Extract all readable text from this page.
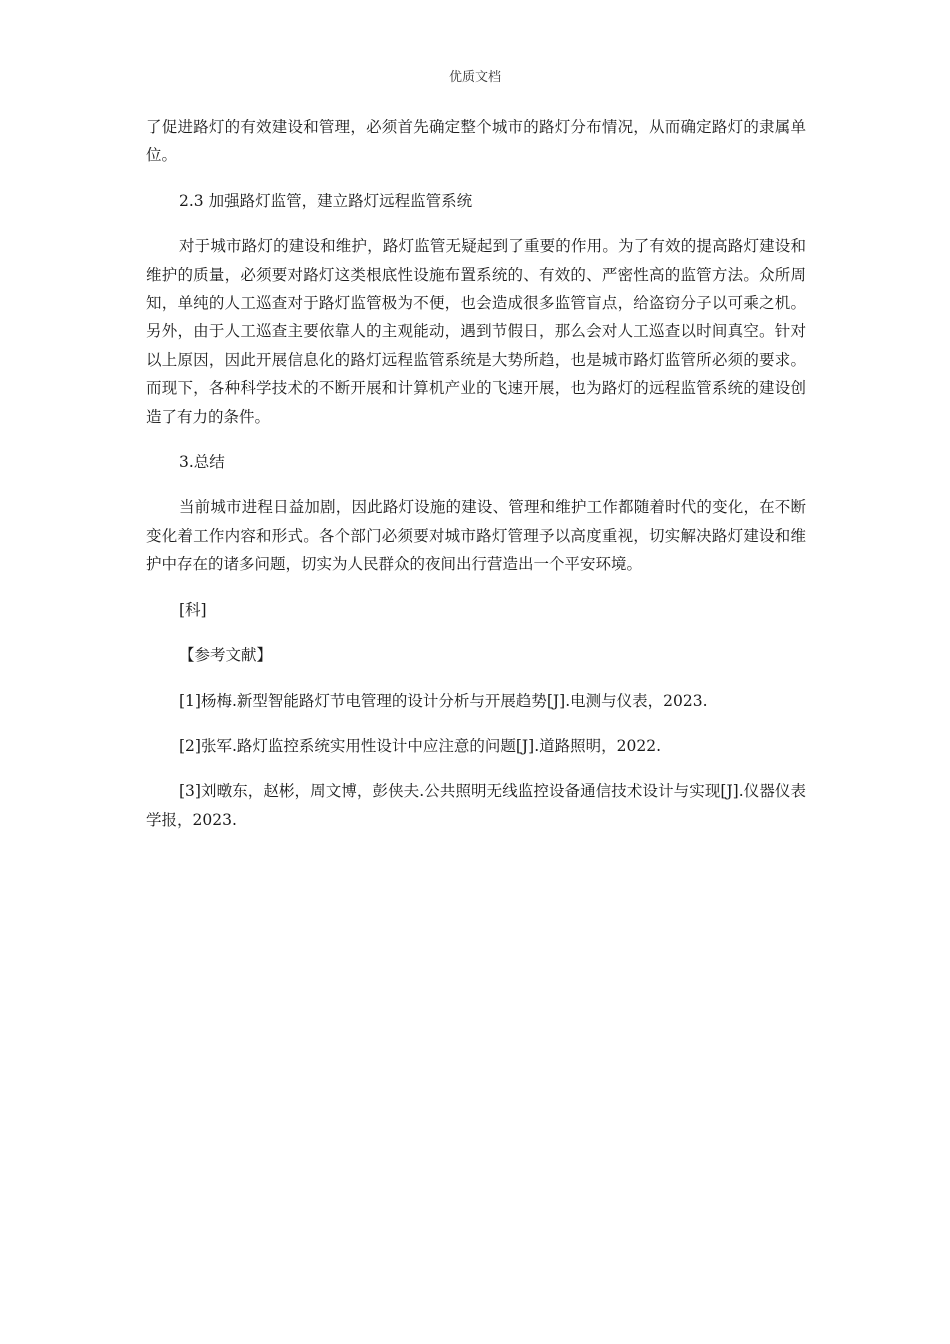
优质文档

了促进路灯的有效建设和管理，必须首先确定整个城市的路灯分布情况，从而确定路灯的隶属单位。

2.3 加强路灯监管，建立路灯远程监管系统

对于城市路灯的建设和维护，路灯监管无疑起到了重要的作用。为了有效的提高路灯建设和维护的质量，必须要对路灯这类根底性设施布置系统的、有效的、严密性高的监管方法。众所周知，单纯的人工巡查对于路灯监管极为不便，也会造成很多监管盲点，给盗窃分子以可乘之机。另外，由于人工巡查主要依靠人的主观能动，遇到节假日，那么会对人工巡查以时间真空。针对以上原因，因此开展信息化的路灯远程监管系统是大势所趋，也是城市路灯监管所必须的要求。而现下，各种科学技术的不断开展和计算机产业的飞速开展，也为路灯的远程监管系统的建设创造了有力的条件。

3.总结

当前城市进程日益加剧，因此路灯设施的建设、管理和维护工作都随着时代的变化，在不断变化着工作内容和形式。各个部门必须要对城市路灯管理予以高度重视，切实解决路灯建设和维护中存在的诸多问题，切实为人民群众的夜间出行营造出一个平安环境。

[科]

【参考文献】

[1]杨梅.新型智能路灯节电管理的设计分析与开展趋势[J].电测与仪表，2023.

[2]张军.路灯监控系统实用性设计中应注意的问题[J].道路照明，2022.

[3]刘暾东，赵彬，周文博，彭侠夫.公共照明无线监控设备通信技术设计与实现[J].仪器仪表学报，2023.
